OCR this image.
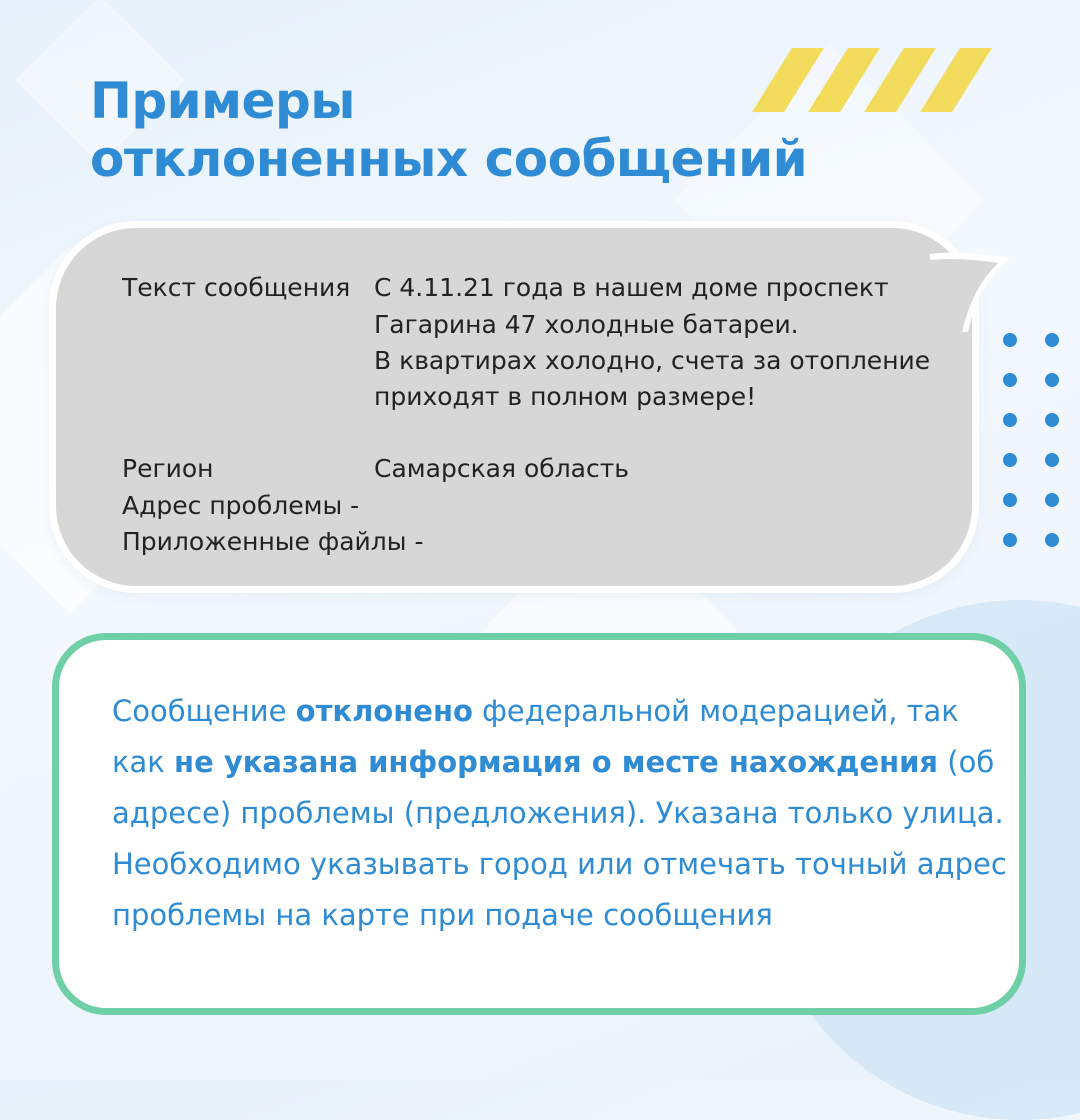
Примеры
отклоненных сообщений
Текст сообщения С 4.11.21 года в нашем доме проспект
Гагарина 47 холодные батареи.
В квартирах холодно, счета за отопление
приходят в полном размере!
Регион	Самарская область
Адрес проблемы -
Приложенные файлы -

Сообщение отклонено федеральной модерацией, так как не указана информация о месте нахождения (об адресе) проблемы (предложения). Указана только улица. Необходимо указывать город или отмечать точный адрес проблемы на карте при подаче сообщения
